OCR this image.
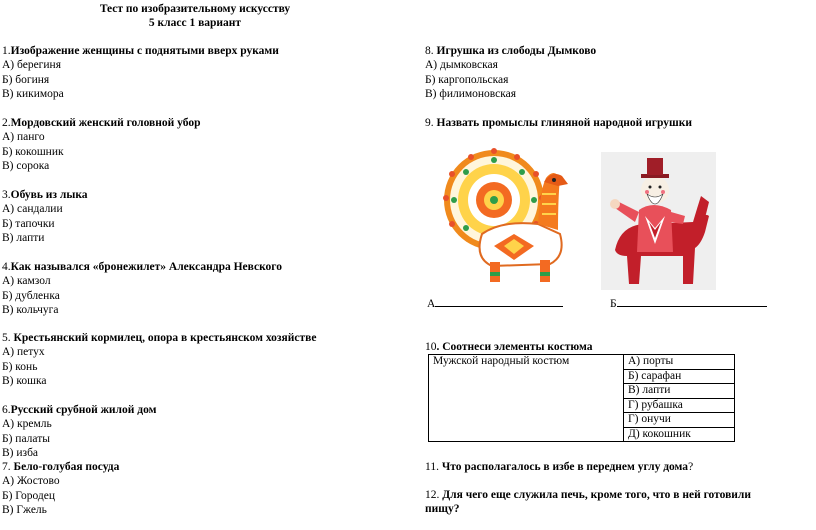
Тест по изобразительному искусству
5 класс 1 вариант
1.Изображение женщины с поднятыми вверх руками
А) берегиня
Б) богиня
В) кикимора
2.Мордовский женский головной убор
А) панго
Б) кокошник
В) сорока
3.Обувь из лыка
А) сандалии
Б) тапочки
В) лапти
4.Как назывался «бронежилет» Александра Невского
А) камзол
Б) дубленка
В) кольчуга
5. Крестьянский кормилец, опора в крестьянском хозяйстве
А) петух
Б) конь
В) кошка
6.Русский срубной жилой дом
А) кремль
Б) палаты
В) изба
7. Бело-голубая посуда
А) Жостово
Б) Городец
В) Гжель
8. Игрушка из слободы Дымково
А) дымковская
Б) каргопольская
В) филимоновская
9. Назвать промыслы глиняной народной игрушки
А	Б
10. Соотнеси элементы костюма
Мужской народный костюм	А) порты
Б) сарафан
В) лапти
Г) рубашка
Г) онучи
Д) кокошник
11. Что располагалось в избе в переднем углу дома?
12. Для чего еще служила печь, кроме того, что в ней готовили
пищу?
